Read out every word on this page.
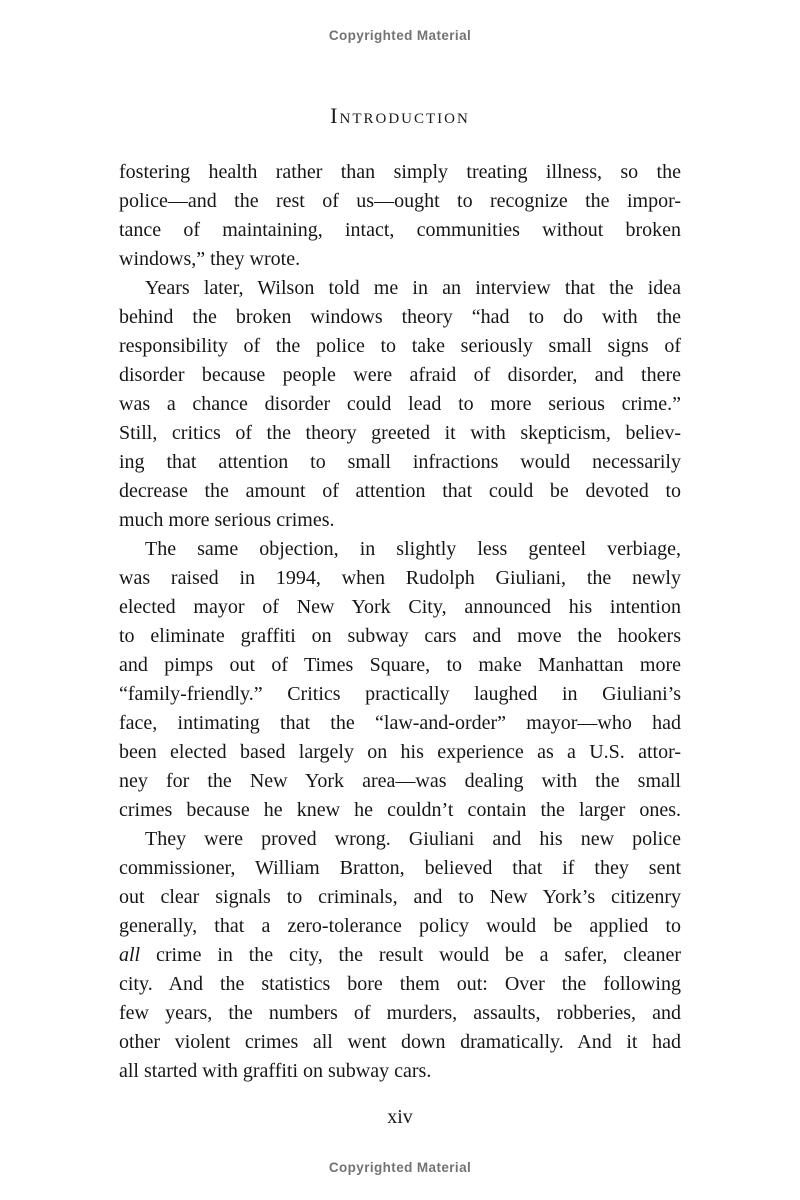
Copyrighted Material
Introduction
fostering health rather than simply treating illness, so the
police—and the rest of us—ought to recognize the impor-
tance of maintaining, intact, communities without broken
windows,” they wrote.
Years later, Wilson told me in an interview that the idea
behind the broken windows theory “had to do with the
responsibility of the police to take seriously small signs of
disorder because people were afraid of disorder, and there
was a chance disorder could lead to more serious crime.”
Still, critics of the theory greeted it with skepticism, believ-
ing that attention to small infractions would necessarily
decrease the amount of attention that could be devoted to
much more serious crimes.
The same objection, in slightly less genteel verbiage,
was raised in 1994, when Rudolph Giuliani, the newly
elected mayor of New York City, announced his intention
to eliminate graffiti on subway cars and move the hookers
and pimps out of Times Square, to make Manhattan more
“family-friendly.” Critics practically laughed in Giuliani’s
face, intimating that the “law-and-order” mayor—who had
been elected based largely on his experience as a U.S. attor-
ney for the New York area—was dealing with the small
crimes because he knew he couldn’t contain the larger ones.
They were proved wrong. Giuliani and his new police
commissioner, William Bratton, believed that if they sent
out clear signals to criminals, and to New York’s citizenry
generally, that a zero-tolerance policy would be applied to
all crime in the city, the result would be a safer, cleaner
city. And the statistics bore them out: Over the following
few years, the numbers of murders, assaults, robberies, and
other violent crimes all went down dramatically. And it had
all started with graffiti on subway cars.
xiv
Copyrighted Material
